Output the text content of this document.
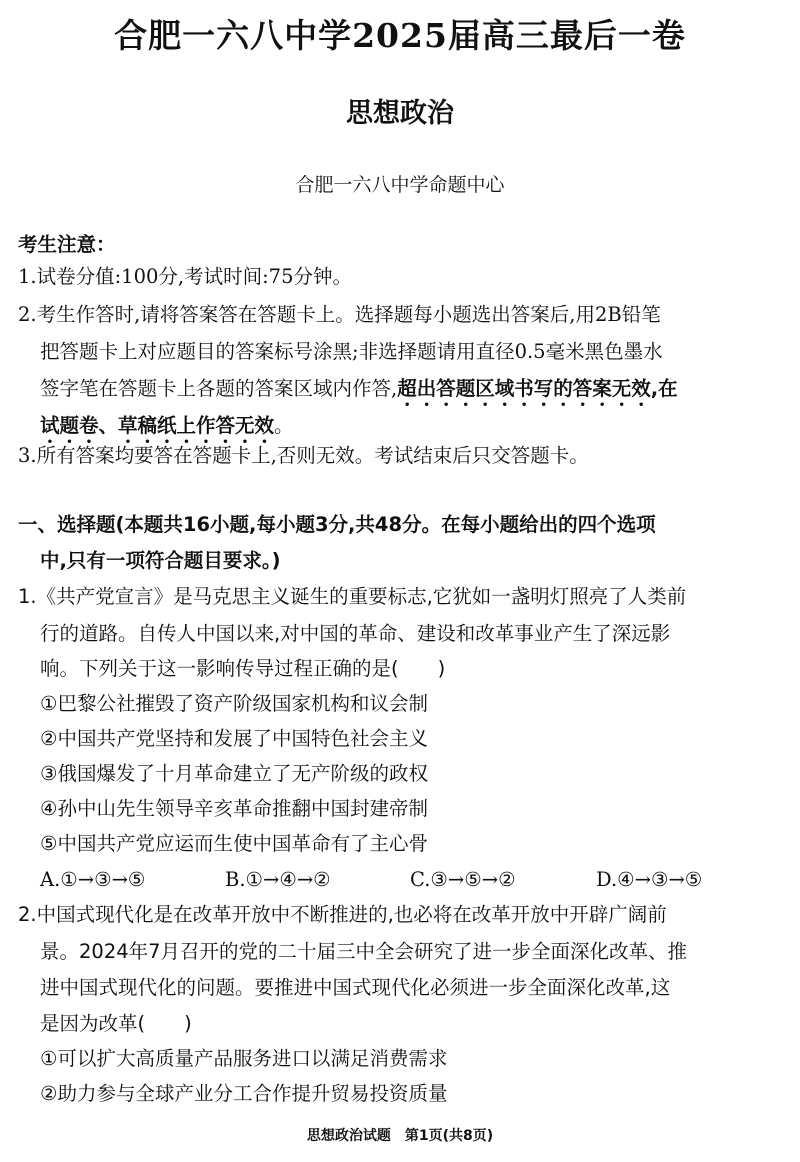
合肥一六八中学2025届高三最后一卷
思想政治
合肥一六八中学命题中心
考生注意：
1.试卷分值:100分,考试时间:75分钟。
2.考生作答时,请将答案答在答题卡上。选择题每小题选出答案后,用2B铅笔
把答题卡上对应题目的答案标号涂黑;非选择题请用直径0.5毫米黑色墨水
签字笔在答题卡上各题的答案区域内作答,超出答题区域书写的答案无效,在
试题卷、草稿纸上作答无效。
3.所有答案均要答在答题卡上,否则无效。考试结束后只交答题卡。
一、选择题(本题共16小题,每小题3分,共48分。在每小题给出的四个选项
中,只有一项符合题目要求。)
1.《共产党宣言》是马克思主义诞生的重要标志,它犹如一盏明灯照亮了人类前
行的道路。自传人中国以来,对中国的革命、建设和改革事业产生了深远影
响。下列关于这一影响传导过程正确的是(　　)
①巴黎公社摧毁了资产阶级国家机构和议会制
②中国共产党坚持和发展了中国特色社会主义
③俄国爆发了十月革命建立了无产阶级的政权
④孙中山先生领导辛亥革命推翻中国封建帝制
⑤中国共产党应运而生使中国革命有了主心骨
A.①→③→⑤	B.①→④→②	C.③→⑤→②	D.④→③→⑤
2.中国式现代化是在改革开放中不断推进的,也必将在改革开放中开辟广阔前
景。2024年7月召开的党的二十届三中全会研究了进一步全面深化改革、推
进中国式现代化的问题。要推进中国式现代化必须进一步全面深化改革,这
是因为改革(　　)
①可以扩大高质量产品服务进口以满足消费需求
②助力参与全球产业分工合作提升贸易投资质量
思想政治试题　第1页(共8页)
